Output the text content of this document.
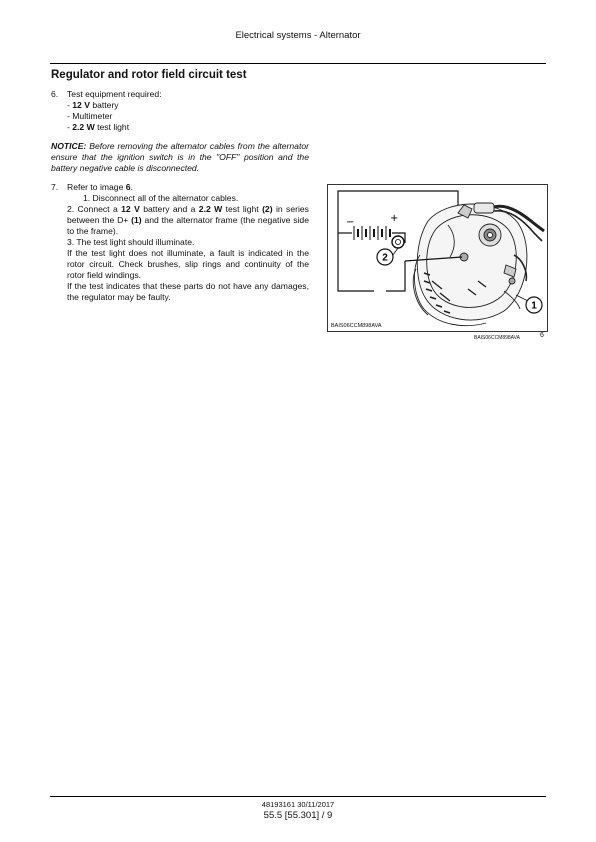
Electrical systems - Alternator
Regulator and rotor field circuit test
6. Test equipment required:
- 12 V battery
- Multimeter
- 2.2 W test light
NOTICE: Before removing the alternator cables from the alternator ensure that the ignition switch is in the "OFF" position and the battery negative cable is disconnected.
7. Refer to image 6.
1. Disconnect all of the alternator cables.
2. Connect a 12 V battery and a 2.2 W test light (2) in series between the D+ (1) and the alternator frame (the negative side to the frame).
3. The test light should illuminate.
If the test light does not illuminate, a fault is indicated in the rotor circuit. Check brushes, slip rings and continuity of the rotor field windings.
If the test indicates that these parts do not have any damages, the regulator may be faulty.
−	+
2
1
BAIS06CCM898AVA
BAIS06CCM898AVA	6
48193161 30/11/2017
55.5 [55.301] / 9
